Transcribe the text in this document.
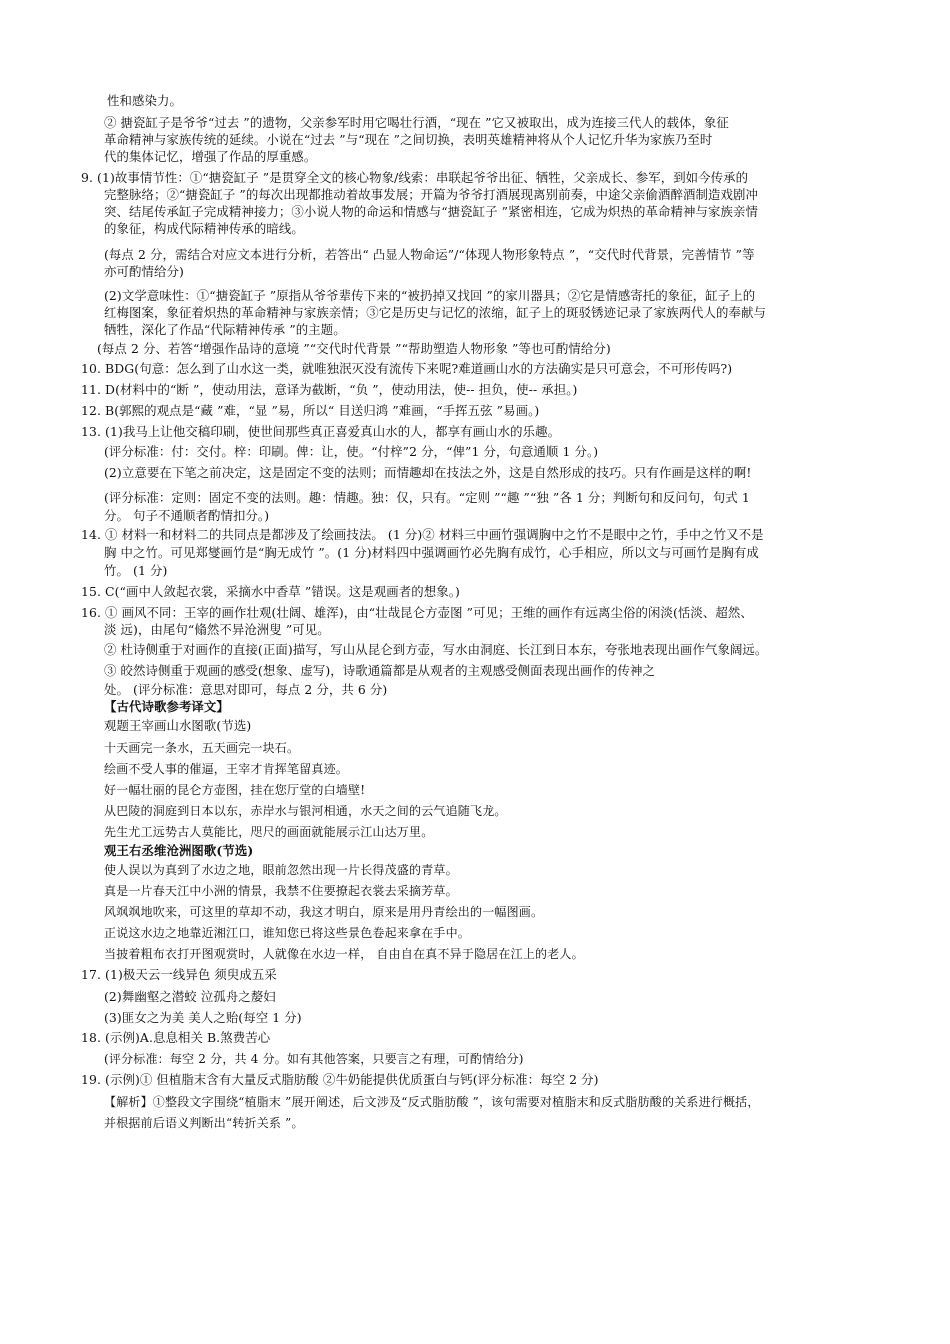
性和感染力。
② 搪瓷缸子是爷爷“过去 ”的遗物，父亲参军时用它喝壮行酒，“现在 ”它又被取出，成为连接三代人的载体，象征
革命精神与家族传统的延续。小说在“过去 ”与“现在 ”之间切换，表明英雄精神将从个人记忆升华为家族乃至时
代的集体记忆，增强了作品的厚重感。
9. (1)故事情节性：①“搪瓷缸子 ”是贯穿全文的核心物象/线索：串联起爷爷出征、牺牲，父亲成长、参军，到如今传承的
完整脉络；②“搪瓷缸子 ”的每次出现都推动着故事发展；开篇为爷爷打酒展现离别前奏，中途父亲偷酒醉酒制造戏剧冲
突、结尾传承缸子完成精神接力；③小说人物的命运和情感与“搪瓷缸子 ”紧密相连，它成为炽热的革命精神与家族亲情
的象征，构成代际精神传承的暗线。
(每点 2 分，需结合对应文本进行分析，若答出“ 凸显人物命运”/“体现人物形象特点 ”，“交代时代背景，完善情节 ”等
亦可酌情给分)
(2)文学意味性：①“搪瓷缸子 ”原指从爷爷辈传下来的“被扔掉又找回 ”的家川器具；②它是情感寄托的象征，缸子上的
红梅图案，象征着炽热的革命精神与家族亲情；③它是历史与记忆的浓缩，缸子上的斑驳锈迹记录了家族两代人的奉献与
牺牲，深化了作品“代际精神传承 ”的主题。
(每点 2 分、若答“增强作品诗的意境 ”“交代时代背景 ”“帮助塑造人物形象 ”等也可酌情给分)
10. BDG(句意：怎么到了山水这一类，就唯独泯灭没有流传下来呢?难道画山水的方法确实是只可意会，不可形传吗?)
11. D(材料中的“断 ”，使动用法，意译为截断，“负 ”，使动用法，使-- 担负，使-- 承担。)
12. B(郭熙的观点是“藏 ”难，“显 ”易，所以“ 目送归鸿 ”难画，“手挥五弦 ”易画。)
13. (1)我马上让他交稿印刷，使世间那些真正喜爱真山水的人，都享有画山水的乐趣。
(评分标准：付：交付。梓：印刷。俾：让，使。“付梓”2 分，“俾”1 分，句意通顺 1 分。)
(2)立意要在下笔之前决定，这是固定不变的法则；而情趣却在技法之外，这是自然形成的技巧。只有作画是这样的啊!
(评分标准：定则：固定不变的法则。趣：情趣。独：仅，只有。“定则 ”“趣 ”“独 ”各 1 分；判断句和反问句，句式 1
分。 句子不通顺者酌情扣分。)
14. ① 材料一和材料二的共同点是都涉及了绘画技法。 (1 分)② 材料三中画竹强调胸中之竹不是眼中之竹，手中之竹又不是
胸 中之竹。可见郑燮画竹是“胸无成竹 ”。(1 分)材料四中强调画竹必先胸有成竹，心手相应，所以文与可画竹是胸有成
竹。 (1 分)
15. C(“画中人敛起衣裳，采摘水中香草 ”错误。这是观画者的想象。)
16. ① 画风不同：王宰的画作壮观(壮阔、雄浑)，由“壮哉昆仑方壶图 ”可见；王维的画作有远离尘俗的闲淡(恬淡、超然、
淡 远)，由尾句“翛然不异沧洲叟 ”可见。
② 杜诗侧重于对画作的直接(正面)描写，写山从昆仑到方壶，写水由洞庭、长江到日本东，夸张地表现出画作气象阔远。
③ 皎然诗侧重于观画的感受(想象、虚写)，诗歌通篇都是从观者的主观感受侧面表现出画作的传神之
处。 (评分标准：意思对即可，每点 2 分，共 6 分)
【古代诗歌参考译文】
观题王宰画山水图歌(节选)
十天画完一条水，五天画完一块石。
绘画不受人事的催逼，王宰才肯挥笔留真迹。
好一幅壮丽的昆仑方壶图，挂在您厅堂的白墙壁!
从巴陵的洞庭到日本以东，赤岸水与银河相通，水天之间的云气追随飞龙。
先生尤工远势古人莫能比，咫尺的画面就能展示江山达万里。
观王右丞维沧洲图歌(节选)
使人误以为真到了水边之地，眼前忽然出现一片长得茂盛的青草。
真是一片春天江中小洲的情景，我禁不住要撩起衣裳去采摘芳草。
风飒飒地吹来，可这里的草却不动，我这才明白，原来是用丹青绘出的一幅图画。
正说这水边之地靠近湘江口，谁知您已将这些景色卷起来拿在手中。
当披着粗布衣打开图观赏时，人就像在水边一样， 自由自在真不异于隐居在江上的老人。
17. (1)极天云一线异色 须臾成五采
(2)舞幽壑之潜蛟 泣孤舟之嫠妇
(3)匪女之为美 美人之贻(每空 1 分)
18. (示例)A.息息相关 B.煞费苦心
(评分标准：每空 2 分，共 4 分。如有其他答案，只要言之有理，可酌情给分)
19. (示例)① 但植脂末含有大量反式脂肪酸 ②牛奶能提供优质蛋白与钙(评分标准：每空 2 分)
【解析】①整段文字围绕“植脂末 ”展开阐述，后文涉及“反式脂肪酸 ”，该句需要对植脂末和反式脂肪酸的关系进行概括，
并根据前后语义判断出“转折关系 ”。
